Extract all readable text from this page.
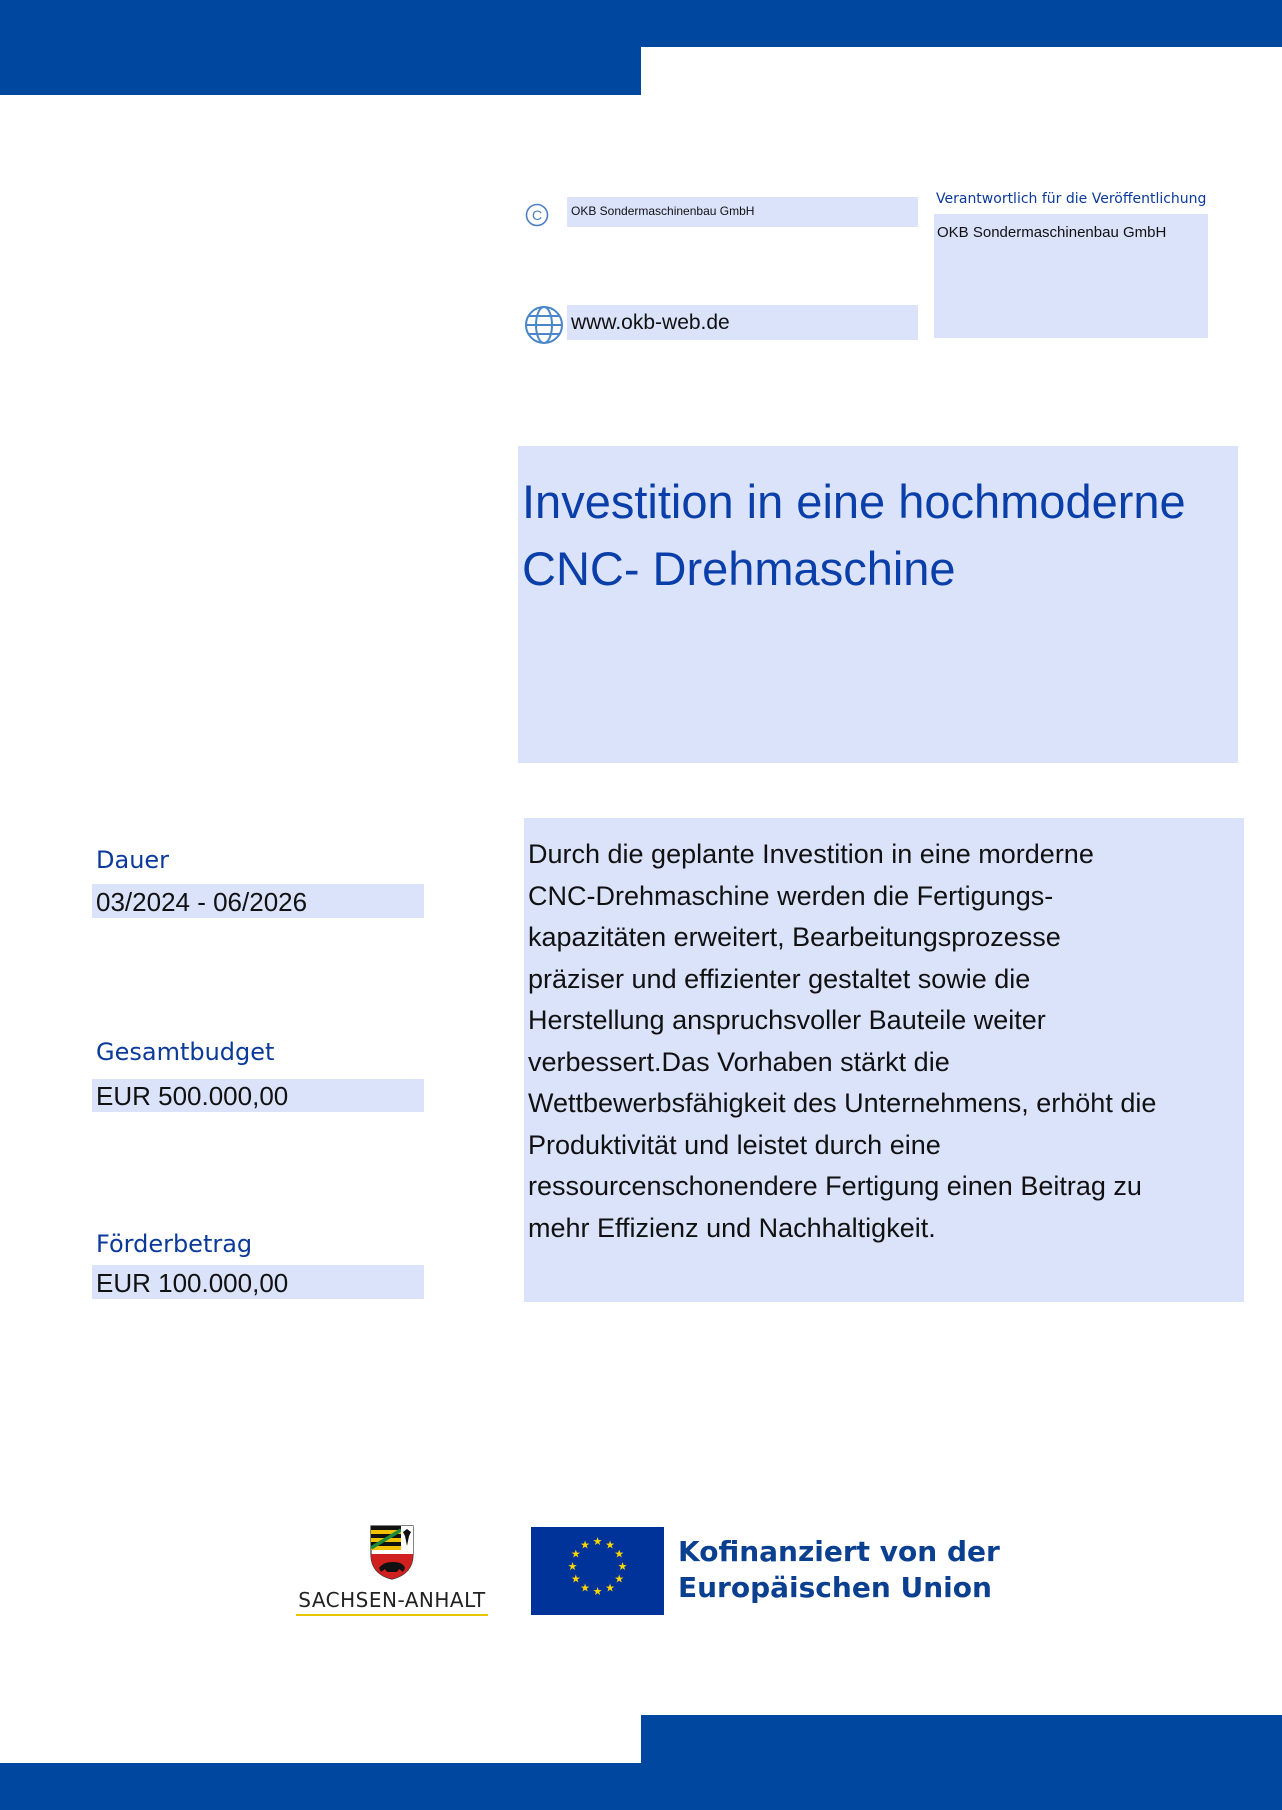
C OKB Sondermaschinenbau GmbH
www.okb-web.de
Verantwortlich für die Veröffentlichung
OKB Sondermaschinenbau GmbH
Investition in eine hochmoderne
CNC- Drehmaschine
Dauer
03/2024 - 06/2026
Gesamtbudget
EUR 500.000,00
Förderbetrag
EUR 100.000,00
Durch die geplante Investition in eine morderne
CNC-Drehmaschine werden die Fertigungs-
kapazitäten erweitert, Bearbeitungsprozesse
präziser und effizienter gestaltet sowie die
Herstellung anspruchsvoller Bauteile weiter
verbessert.Das Vorhaben stärkt die
Wettbewerbsfähigkeit des Unternehmens, erhöht die
Produktivität und leistet durch eine
ressourcenschonendere Fertigung einen Beitrag zu
mehr Effizienz und Nachhaltigkeit.
SACHSEN-ANHALT
★ ★
★
★
★
★
★
★
★
★
★
★	Kofinanziert von der
Europäischen Union
